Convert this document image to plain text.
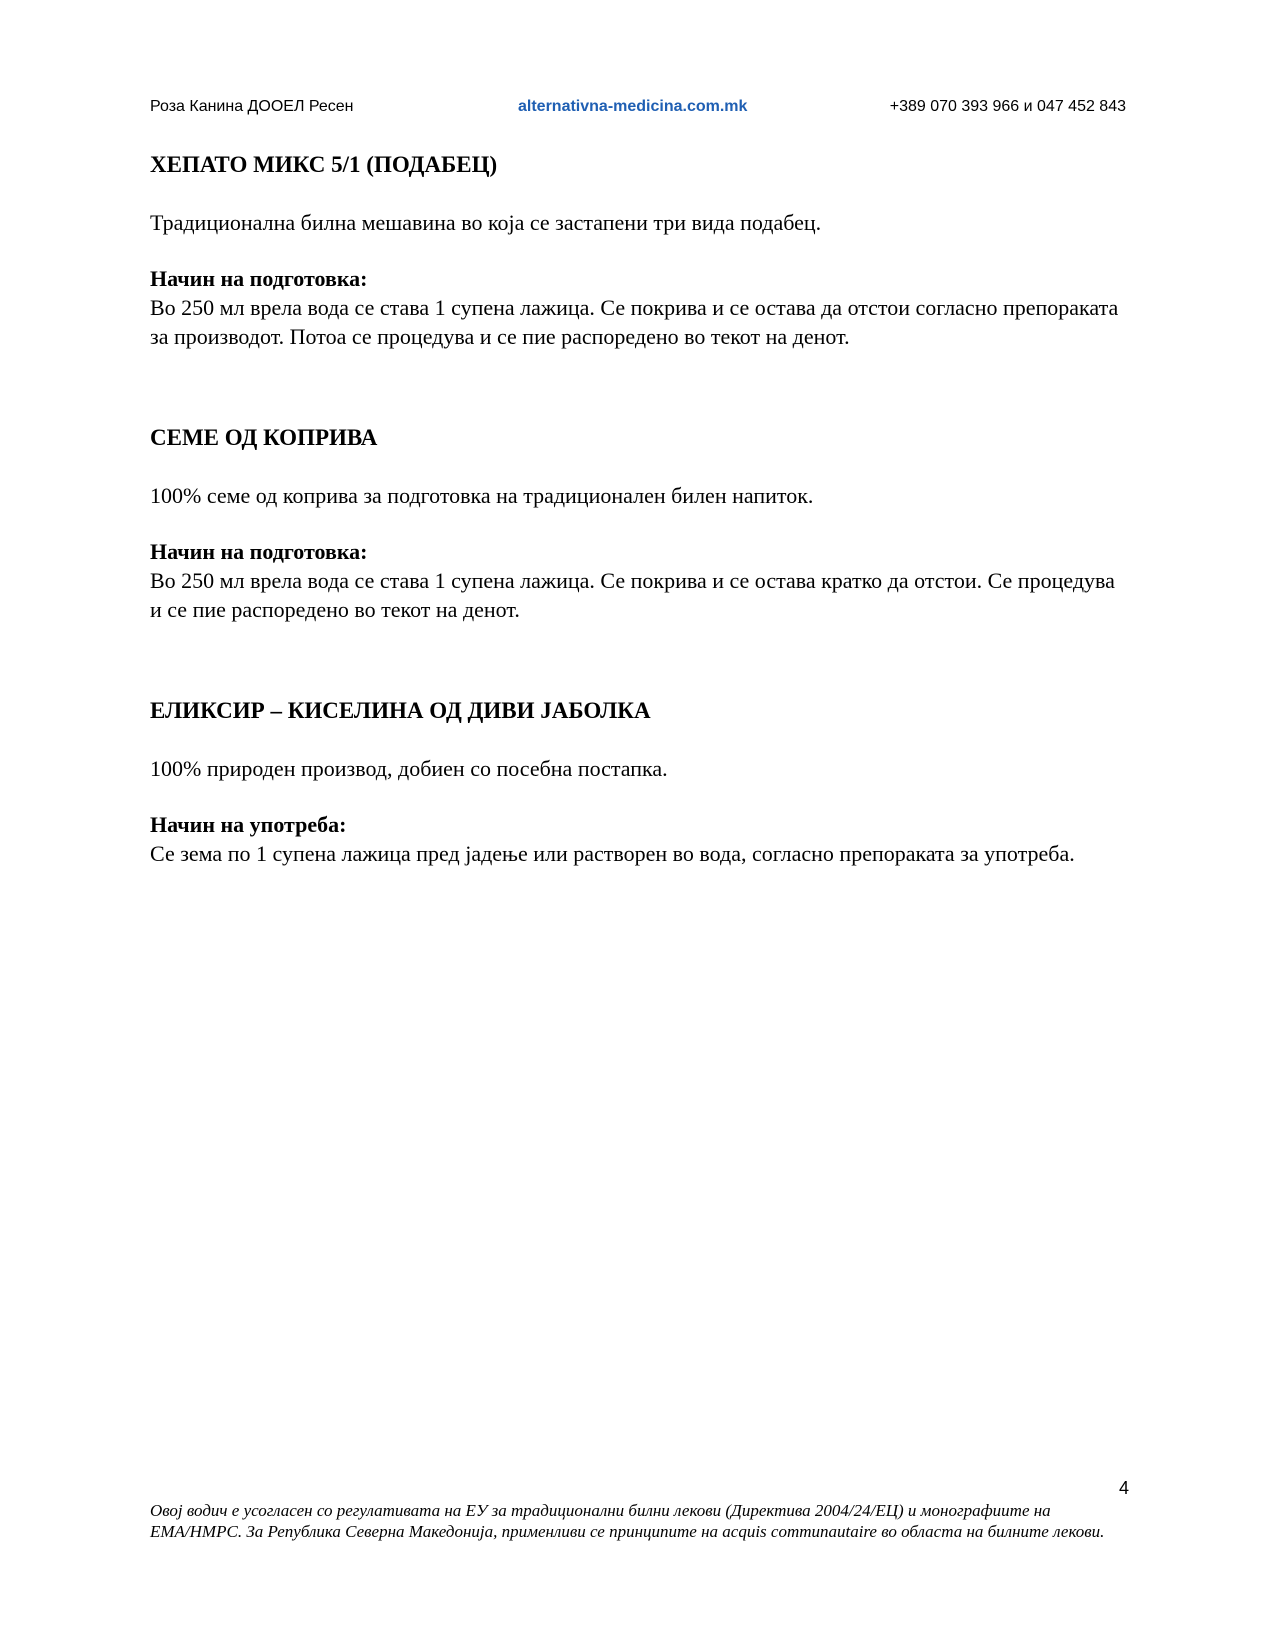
Роза Канина ДООЕЛ Ресен	alternativna-medicina.com.mk	+389 070 393 966 и 047 452 843

ХЕПАТО МИКС 5/1 (ПОДАБЕЦ)

Традиционална билна мешавина во која се застапени три вида подабец.

Начин на подготовка:

Во 250 мл врела вода се става 1 супена лажица. Се покрива и се остава да отстои согласно препораката за производот. Потоа се процедува и се пие распоредено во текот на денот.

СЕМЕ ОД КОПРИВА

100% семе од коприва за подготовка на традиционален билен напиток.

Начин на подготовка:

Во 250 мл врела вода се става 1 супена лажица. Се покрива и се остава кратко да отстои. Се процедува и се пие распоредено во текот на денот.

ЕЛИКСИР – КИСЕЛИНА ОД ДИВИ ЈАБОЛКА

100% природен производ, добиен со посебна постапка.

Начин на употреба:

Се зема по 1 супена лажица пред јадење или растворен во вода, согласно препораката за употреба.

4
Овој водич е усогласен со регулативата на ЕУ за традиционални билни лекови (Директива 2004/24/ЕЦ) и монографиите на EMA/HMPC. За Република Северна Македонија, применливи се принципите на acquis communautaire во областа на билните лекови.
